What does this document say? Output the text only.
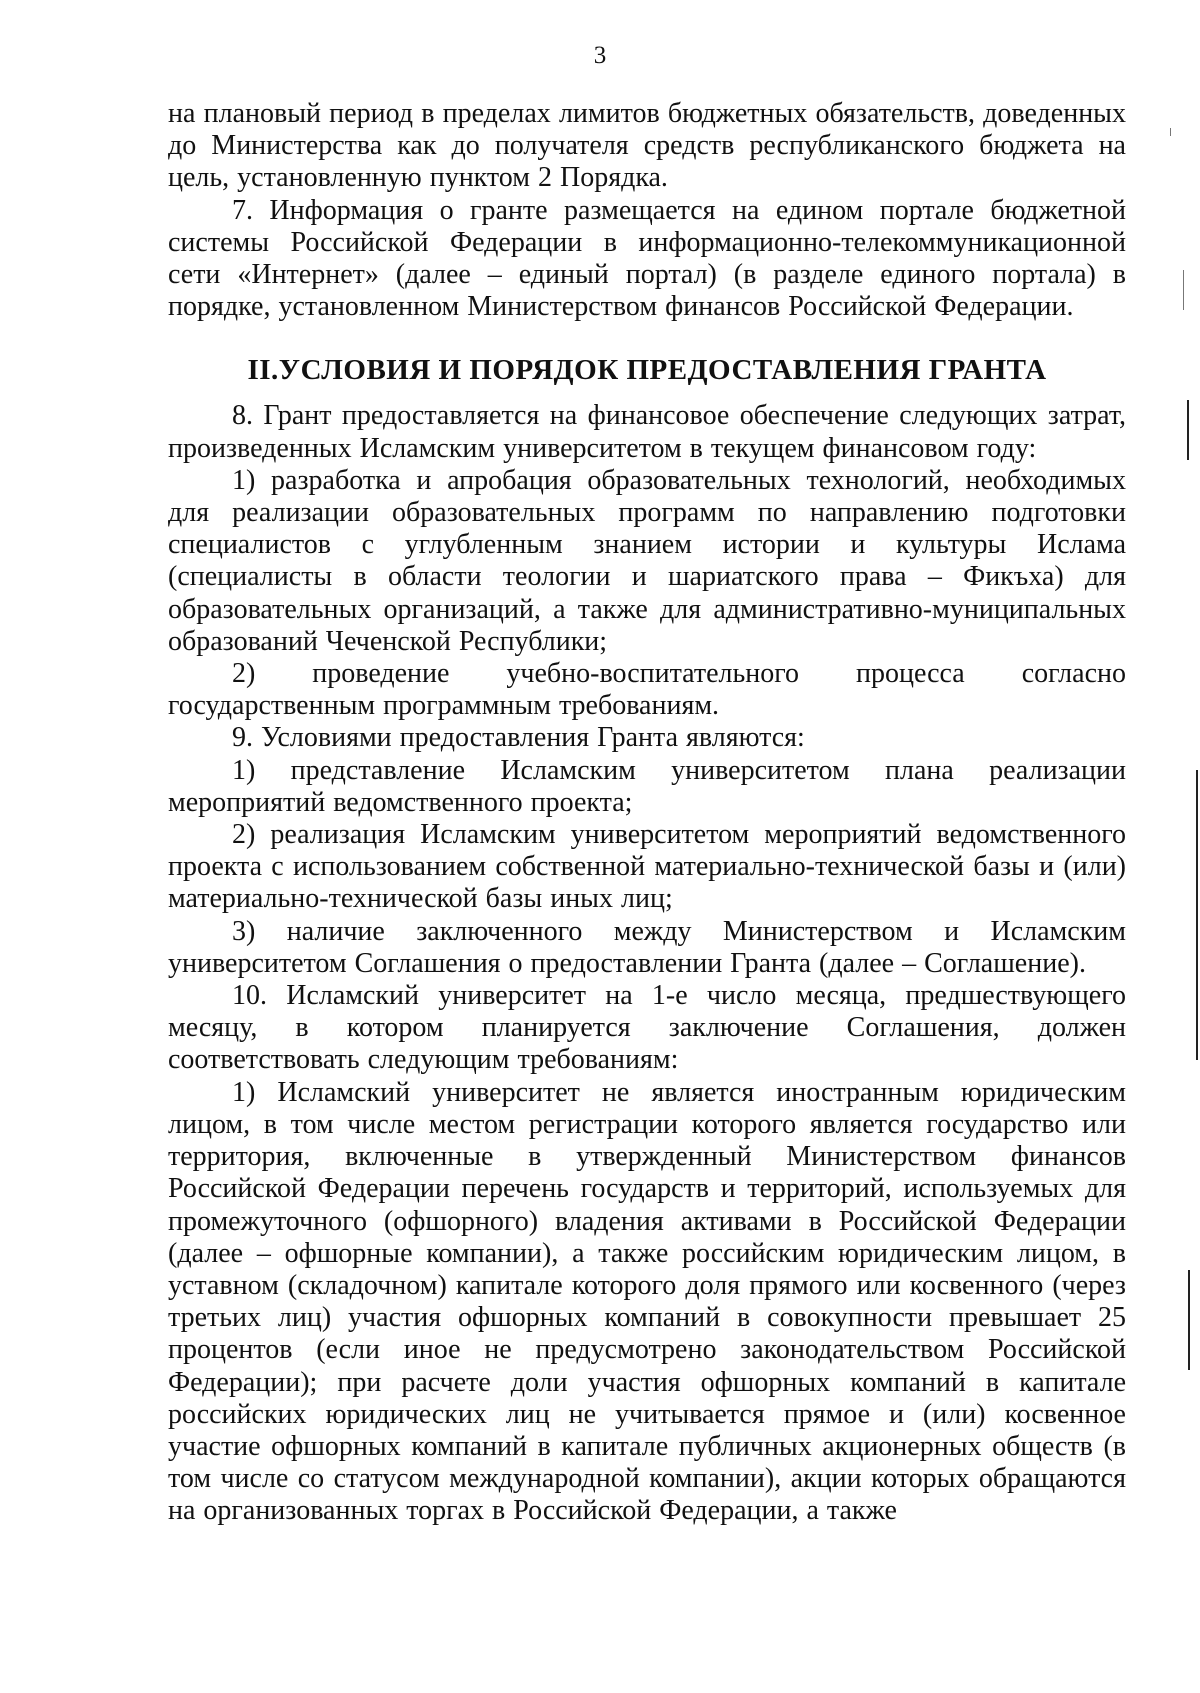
3

на плановый период в пределах лимитов бюджетных обязательств, доведенных до Министерства как до получателя средств республиканского бюджета на цель, установленную пунктом 2 Порядка.

7. Информация о гранте размещается на едином портале бюджетной системы Российской Федерации в информационно-телекоммуникационной сети «Интернет» (далее – единый портал) (в разделе единого портала) в порядке, установленном Министерством финансов Российской Федерации.

II.УСЛОВИЯ И ПОРЯДОК ПРЕДОСТАВЛЕНИЯ ГРАНТА

8. Грант предоставляется на финансовое обеспечение следующих затрат, произведенных Исламским университетом в текущем финансовом году:

1) разработка и апробация образовательных технологий, необходимых для реализации образовательных программ по направлению подготовки специалистов с углубленным знанием истории и культуры Ислама (специалисты в области теологии и шариатского права – Фикъха) для образовательных организаций, а также для административно-муниципальных образований Чеченской Республики;

2) проведение учебно-воспитательного процесса согласно государственным программным требованиям.

9. Условиями предоставления Гранта являются:

1) представление Исламским университетом плана реализации мероприятий ведомственного проекта;

2) реализация Исламским университетом мероприятий ведомственного проекта с использованием собственной материально-технической базы и (или) материально-технической базы иных лиц;

3) наличие заключенного между Министерством и Исламским университетом Соглашения о предоставлении Гранта (далее – Соглашение).

10. Исламский университет на 1-е число месяца, предшествующего месяцу, в котором планируется заключение Соглашения, должен соответствовать следующим требованиям:

1) Исламский университет не является иностранным юридическим лицом, в том числе местом регистрации которого является государство или территория, включенные в утвержденный Министерством финансов Российской Федерации перечень государств и территорий, используемых для промежуточного (офшорного) владения активами в Российской Федерации (далее – офшорные компании), а также российским юридическим лицом, в уставном (складочном) капитале которого доля прямого или косвенного (через третьих лиц) участия офшорных компаний в совокупности превышает 25 процентов (если иное не предусмотрено законодательством Российской Федерации); при расчете доли участия офшорных компаний в капитале российских юридических лиц не учитывается прямое и (или) косвенное участие офшорных компаний в капитале публичных акционерных обществ (в том числе со статусом международной компании), акции которых обращаются на организованных торгах в Российской Федерации, а также
